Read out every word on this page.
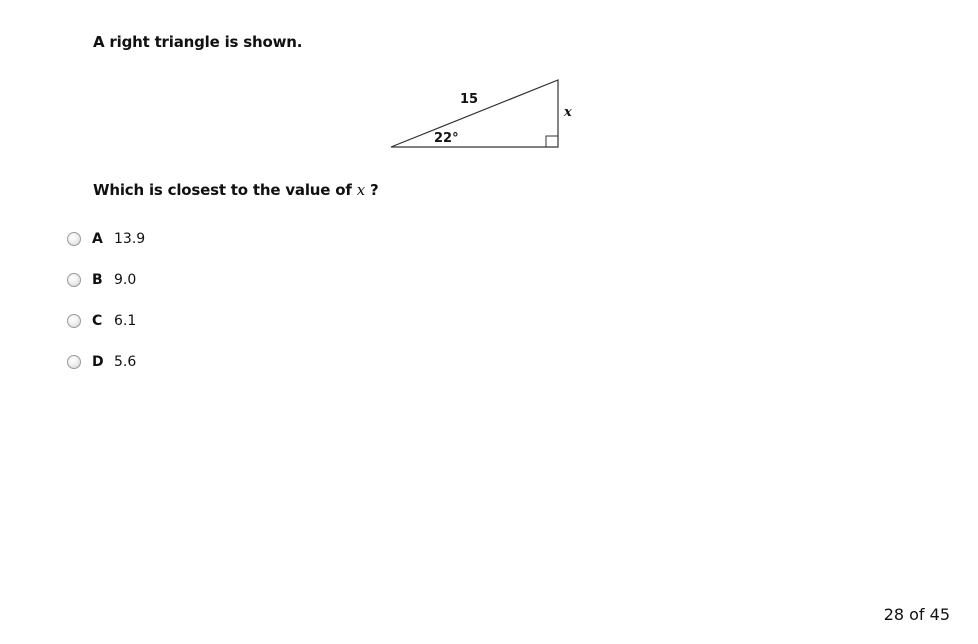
A right triangle is shown.
15
22°
x
Which is closest to the value of x ?
A 13.9
B 9.0
C 6.1
D 5.6
28 of 45
